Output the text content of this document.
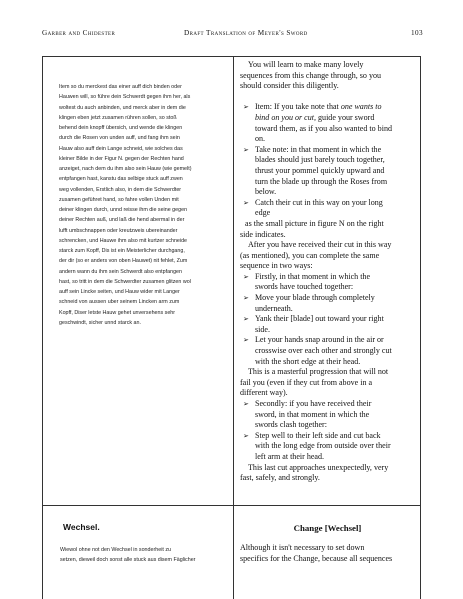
Garber and Chidester	Draft Translation of Meyer's Sword	103
Item so du merckest das einer auff dich binden oder
Hauwen will, so führe dein Schwerdt gegen ihm her, als
woltest du auch anbinden, und merck aber in dem die
klingen eben jetzt zusamen rühren sollen, so stoß
behend dein knopff übersich, und wende die klingen
durch die Rosen von unden auff, und fang ihm sein
Hauw also auff dein Lange schneid, wie solches das
kleiner Bilde in der Figur N. gegen der Rechten hand
anzeiget, nach dem du ihm also sein Hauw (wie gemelt)
entpfangen hast, kanstu das selbige stuck auff zwen
weg vollenden, Erstlich also, in dem die Schwerdter
zusamen geführet hand, so fahre vollen Unden mit
deiner klingen durch, unnd reisse ihm die seine gegen
deiner Rechten auß, und laß die hend abermal in der
lufft umbschnappen oder kreutzweis ubereinander
schrencken, und Hauwe ihm also mit kurtzer schneide
starck zum Kopff, Dis ist ein Meisterlicher durchgang,
der dir (so er anders von oben Hauwet) nit fehlet, Zum
andern wann du ihm sein Schwerdt also entpfangen
hast, so tritt in dem die Schwerdter zusamen glitzen wol
auff sein Lincke seiten, und Hauw wider mit Langer
schneid von aussen uber seinem Lincken arm zum
Kopff, Diser letste Hauw gehet unversehens sehr
geschwindt, sicher unnd starck an.
You will learn to make many lovely
sequences from this change through, so you
should consider this diligently.
➢ Item: If you take note that one wants to
bind on you or cut, guide your sword
toward them, as if you also wanted to bind
on.
➢ Take note: in that moment in which the
blades should just barely touch together,
thrust your pommel quickly upward and
turn the blade up through the Roses from
below.
➢ Catch their cut in this way on your long
edge
as the small picture in figure N on the right
side indicates.
After you have received their cut in this way
(as mentioned), you can complete the same
sequence in two ways:
➢ Firstly, in that moment in which the
swords have touched together:
➢ Move your blade through completely
underneath.
➢ Yank their [blade] out toward your right
side.
➢ Let your hands snap around in the air or
crosswise over each other and strongly cut
with the short edge at their head.
This is a masterful progression that will not
fail you (even if they cut from above in a
different way).
➢ Secondly: if you have received their
sword, in that moment in which the
swords clash together:
➢ Step well to their left side and cut back
with the long edge from outside over their
left arm at their head.
This last cut approaches unexpectedly, very
fast, safely, and strongly.
Wechsel.	Change [Wechsel]
Wiewol ohne not den Wechsel in sonderheit zu
setzen, dieweil doch sonst alle stuck aus disem Fäglicher
Although it isn't necessary to set down
specifics for the Change, because all sequences
